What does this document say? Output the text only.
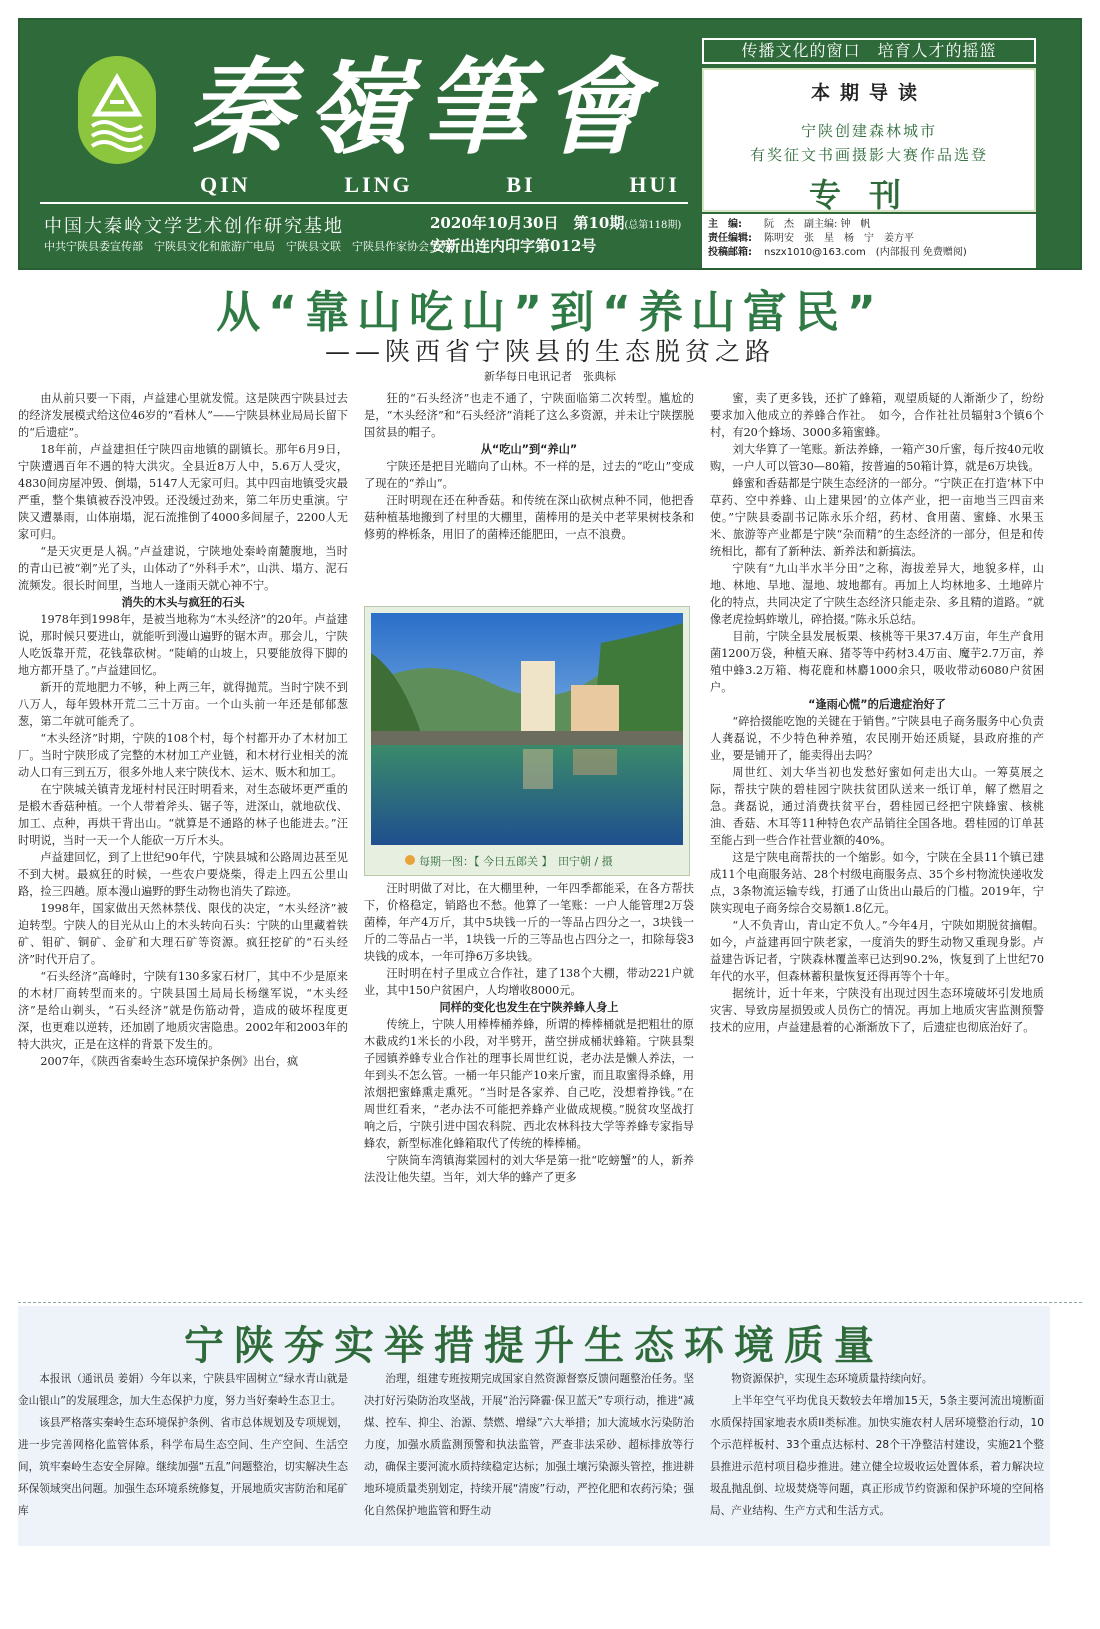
秦嶺筆會
QIN	LING	BI	HUI
中国大秦岭文学艺术创作研究基地
中共宁陕县委宣传部　宁陕县文化和旅游广电局　宁陕县文联　宁陕县作家协会主办
2020年10月30日　第10期(总第118期)
安新出连内印字第012号
传播文化的窗口　培育人才的摇篮
本期导读
宁陕创建森林城市
有奖征文书画摄影大赛作品选登
专刊
主　编: 阮　杰　副主编: 钟　帆
责任编辑: 陈明安　张　星　杨　宁　姜方平
投稿邮箱: nszx1010@163.com　(内部报刊 免费赠阅)
从“靠山吃山”到“养山富民”
——陕西省宁陕县的生态脱贫之路
新华每日电讯记者　张典标

由从前只要一下雨，卢益建心里就发慌。这是陕西宁陕县过去的经济发展模式给这位46岁的“看林人”——宁陕县林业局局长留下的“后遗症”。

18年前，卢益建担任宁陕四亩地镇的副镇长。那年6月9日，宁陕遭遇百年不遇的特大洪灾。全县近8万人中，5.6万人受灾，4830间房屋冲毁、倒塌，5147人无家可归。其中四亩地镇受灾最严重，整个集镇被吞没冲毁。还没缓过劲来，第二年历史重演。宁陕又遭暴雨，山体崩塌，泥石流推倒了4000多间屋子，2200人无家可归。

“是天灾更是人祸。”卢益建说，宁陕地处秦岭南麓腹地，当时的青山已被“剃”光了头，山体动了“外科手术”，山洪、塌方、泥石流频发。很长时间里，当地人一逢雨天就心神不宁。

消失的木头与疯狂的石头

1978年到1998年，是被当地称为“木头经济”的20年。卢益建说，那时候只要进山，就能听到漫山遍野的锯木声。那会儿，宁陕人吃饭靠开荒，花钱靠砍树。“陡峭的山坡上，只要能放得下脚的地方都开垦了。”卢益建回忆。

新开的荒地肥力不够，种上两三年，就得抛荒。当时宁陕不到八万人，每年毁林开荒二三十万亩。一个山头前一年还是郁郁葱葱，第二年就可能秃了。

“木头经济”时期，宁陕的108个村，每个村都开办了木材加工厂。当时宁陕形成了完整的木材加工产业链，和木材行业相关的流动人口有三到五万，很多外地人来宁陕伐木、运木、贩木和加工。

在宁陕城关镇青龙垭村村民汪时明看来，对生态破坏更严重的是椴木香菇种植。一个人带着斧头、锯子等，进深山，就地砍伐、加工、点种，再烘干背出山。“就算是不通路的林子也能进去。”汪时明说，当时一天一个人能砍一万斤木头。

卢益建回忆，到了上世纪90年代，宁陕县城和公路周边甚至见不到大树。最疯狂的时候，一些农户要烧柴，得走上四五公里山路，捡三四趟。原本漫山遍野的野生动物也消失了踪迹。

1998年，国家做出天然林禁伐、限伐的决定，“木头经济”被迫转型。宁陕人的目光从山上的木头转向石头：宁陕的山里藏着铁矿、钼矿、铜矿、金矿和大理石矿等资源。疯狂挖矿的“石头经济”时代开启了。

“石头经济”高峰时，宁陕有130多家石材厂，其中不少是原来的木材厂商转型而来的。宁陕县国土局局长杨继军说，“木头经济”是给山剃头，“石头经济”就是伤筋动骨，造成的破坏程度更深，也更难以逆转，还加剧了地质灾害隐患。2002年和2003年的特大洪灾，正是在这样的背景下发生的。

2007年，《陕西省秦岭生态环境保护条例》出台，疯

狂的“石头经济”也走不通了，宁陕面临第二次转型。尴尬的是，“木头经济”和“石头经济”消耗了这么多资源，并未让宁陕摆脱国贫县的帽子。

从“吃山”到“养山”

宁陕还是把目光瞄向了山林。不一样的是，过去的“吃山”变成了现在的“养山”。

汪时明现在还在种香菇。和传统在深山砍树点种不同，他把香菇种植基地搬到了村里的大棚里，菌棒用的是关中老苹果树枝条和修剪的桦栎条，用旧了的菌棒还能肥田，一点不浪费。

每期一图：【 今日五郎关 】　 田宁朝 / 摄

汪时明做了对比，在大棚里种，一年四季都能采，在各方帮扶下，价格稳定，销路也不愁。他算了一笔账：一户人能管理2万袋菌棒，年产4万斤，其中5块钱一斤的一等品占四分之一，3块钱一斤的二等品占一半，1块钱一斤的三等品也占四分之一，扣除每袋3块钱的成本，一年可挣6万多块钱。

汪时明在村子里成立合作社，建了138个大棚，带动221户就业，其中150户贫困户，人均增收8000元。

同样的变化也发生在宁陕养蜂人身上

传统上，宁陕人用棒棒桶养蜂，所谓的棒棒桶就是把粗壮的原木截成约1米长的小段，对半劈开，凿空拼成桶状蜂箱。宁陕县梨子园镇养蜂专业合作社的理事长周世红说，老办法是懒人养法，一年到头不怎么管。一桶一年只能产10来斤蜜，而且取蜜得杀蜂，用浓烟把蜜蜂熏走熏死。“当时是各家养、自己吃，没想着挣钱。”在周世红看来，“老办法不可能把养蜂产业做成规模。”脱贫攻坚战打响之后，宁陕引进中国农科院、西北农林科技大学等养蜂专家指导蜂农，新型标准化蜂箱取代了传统的棒棒桶。

宁陕筒车湾镇海棠园村的刘大华是第一批“吃螃蟹”的人，新养法没让他失望。当年，刘大华的蜂产了更多

蜜，卖了更多钱，还扩了蜂箱，观望质疑的人渐渐少了，纷纷要求加入他成立的养蜂合作社。　如今，合作社社员辐射3个镇6个村，有20个蜂场、3000多箱蜜蜂。

刘大华算了一笔账。新法养蜂，一箱产30斤蜜，每斤按40元收购，一户人可以管30—80箱，按普遍的50箱计算，就是6万块钱。

蜂蜜和香菇都是宁陕生态经济的一部分。“宁陕正在打造‘林下中草药、空中养蜂、山上建果园’的立体产业，把一亩地当三四亩来使。”宁陕县委副书记陈永乐介绍，药材、食用菌、蜜蜂、水果玉米、旅游等产业都是宁陕“杂而精”的生态经济的一部分，但是和传统相比，都有了新种法、新养法和新搞法。

宁陕有“九山半水半分田”之称，海拔差异大，地貌多样，山地、林地、旱地、湿地、坡地都有。再加上人均林地多、土地碎片化的特点，共同决定了宁陕生态经济只能走杂、多且精的道路。“就像老虎捡蚂蚱墩儿，碎拾掇。”陈永乐总结。

目前，宁陕全县发展板栗、核桃等干果37.4万亩，年生产食用菌1200万袋，种植天麻、猪苓等中药材3.4万亩、魔芋2.7万亩，养殖中蜂3.2万箱、梅花鹿和林麝1000余只，吸收带动6080户贫困户。

“逢雨心慌”的后遗症治好了

“碎拾掇能吃饱的关键在于销售。”宁陕县电子商务服务中心负责人龚磊说，不少特色种养殖，农民刚开始还质疑，县政府推的产业，要是铺开了，能卖得出去吗？

周世红、刘大华当初也发愁好蜜如何走出大山。一筹莫展之际，帮扶宁陕的碧桂园宁陕扶贫团队送来一纸订单，解了燃眉之急。龚磊说，通过消费扶贫平台，碧桂园已经把宁陕蜂蜜、核桃油、香菇、木耳等11种特色农产品销往全国各地。碧桂园的订单甚至能占到一些合作社营业额的40%。

这是宁陕电商帮扶的一个缩影。如今，宁陕在全县11个镇已建成11个电商服务站、28个村级电商服务点、35个乡村物流快递收发点，3条物流运输专线，打通了山货出山最后的门槛。2019年，宁陕实现电子商务综合交易额1.8亿元。

“人不负青山，青山定不负人。”今年4月，宁陕如期脱贫摘帽。如今，卢益建再回宁陕老家，一度消失的野生动物又重现身影。卢益建告诉记者，宁陕森林覆盖率已达到90.2%，恢复到了上世纪70年代的水平，但森林蓄积量恢复还得再等个十年。

据统计，近十年来，宁陕没有出现过因生态环境破坏引发地质灾害、导致房屋损毁或人员伤亡的情况。再加上地质灾害监测预警技术的应用，卢益建悬着的心渐渐放下了，后遗症也彻底治好了。

宁陕夯实举措提升生态环境质量

本报讯（通讯员 姜娟）今年以来，宁陕县牢固树立“绿水青山就是金山银山”的发展理念，加大生态保护力度，努力当好秦岭生态卫士。

该县严格落实秦岭生态环境保护条例、省市总体规划及专项规划，进一步完善网格化监管体系，科学布局生态空间、生产空间、生活空间，筑牢秦岭生态安全屏障。继续加强“五乱”问题整治，切实解决生态环保领域突出问题。加强生态环境系统修复，开展地质灾害防治和尾矿库

治理，组建专班按期完成国家自然资源督察反馈问题整治任务。坚决打好污染防治攻坚战，开展“治污降霾·保卫蓝天”专项行动，推进“减煤、控车、抑尘、治源、禁燃、增绿”六大举措；加大流域水污染防治力度，加强水质监测预警和执法监管，严查非法采砂、超标排放等行动，确保主要河流水质持续稳定达标；加强土壤污染源头管控，推进耕地环境质量类别划定，持续开展“清废”行动，严控化肥和农药污染；强化自然保护地监管和野生动

物资源保护，实现生态环境质量持续向好。

上半年空气平均优良天数较去年增加15天，5条主要河流出境断面水质保持国家地表水质II类标准。加快实施农村人居环境整治行动，10个示范样板村、33个重点达标村、28个干净整洁村建设，实施21个整县推进示范村项目稳步推进。建立健全垃圾收运处置体系，着力解决垃圾乱抛乱倒、垃圾焚烧等问题，真正形成节约资源和保护环境的空间格局、产业结构、生产方式和生活方式。
